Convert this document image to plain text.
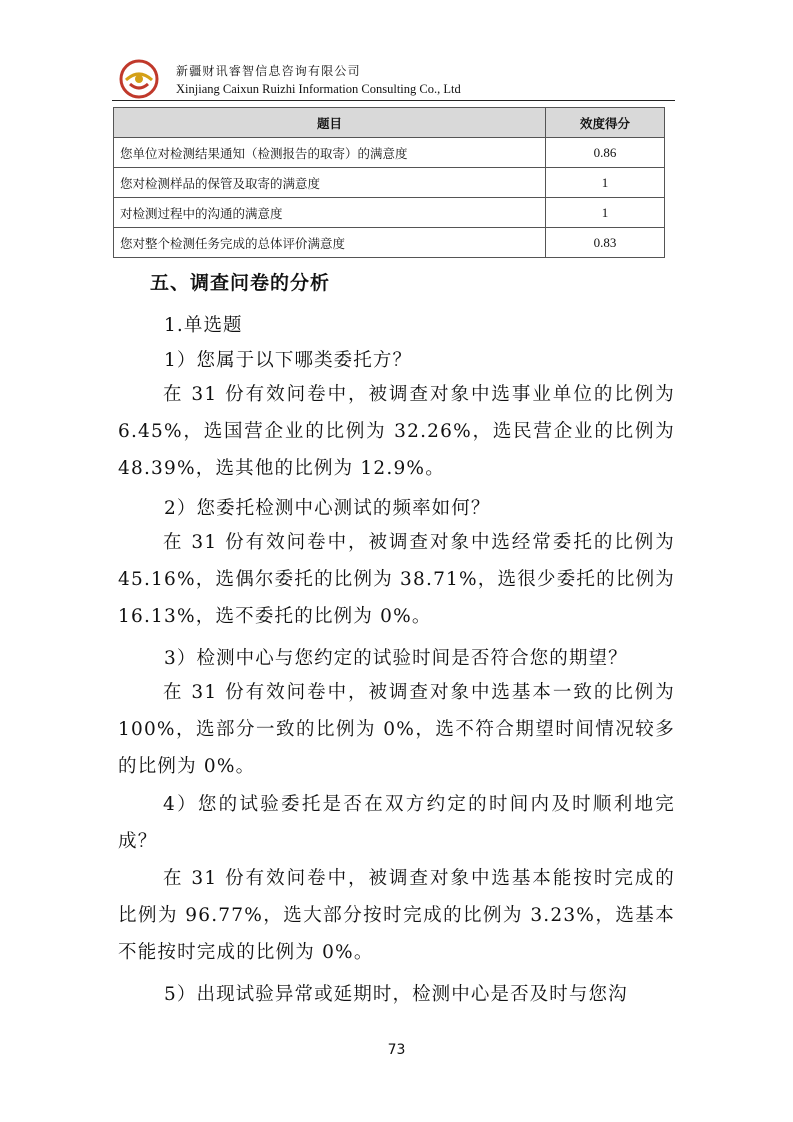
新疆财讯睿智信息咨询有限公司
Xinjiang Caixun Ruizhi Information Consulting Co., Ltd
题目	效度得分
您单位对检测结果通知（检测报告的取寄）的满意度	0.86
您对检测样品的保管及取寄的满意度	1
对检测过程中的沟通的满意度	1
您对整个检测任务完成的总体评价满意度	0.83
五、调查问卷的分析
1.单选题
1）您属于以下哪类委托方？

在 31 份有效问卷中，被调查对象中选事业单位的比例为 6.45%，选国营企业的比例为 32.26%，选民营企业的比例为 48.39%，选其他的比例为 12.9%。

2）您委托检测中心测试的频率如何？

在 31 份有效问卷中，被调查对象中选经常委托的比例为 45.16%，选偶尔委托的比例为 38.71%，选很少委托的比例为 16.13%，选不委托的比例为 0%。

3）检测中心与您约定的试验时间是否符合您的期望？

在 31 份有效问卷中，被调查对象中选基本一致的比例为 100%，选部分一致的比例为 0%，选不符合期望时间情况较多的比例为 0%。

4）您的试验委托是否在双方约定的时间内及时顺利地完成？

在 31 份有效问卷中，被调查对象中选基本能按时完成的比例为 96.77%，选大部分按时完成的比例为 3.23%，选基本不能按时完成的比例为 0%。

5）出现试验异常或延期时，检测中心是否及时与您沟
73
